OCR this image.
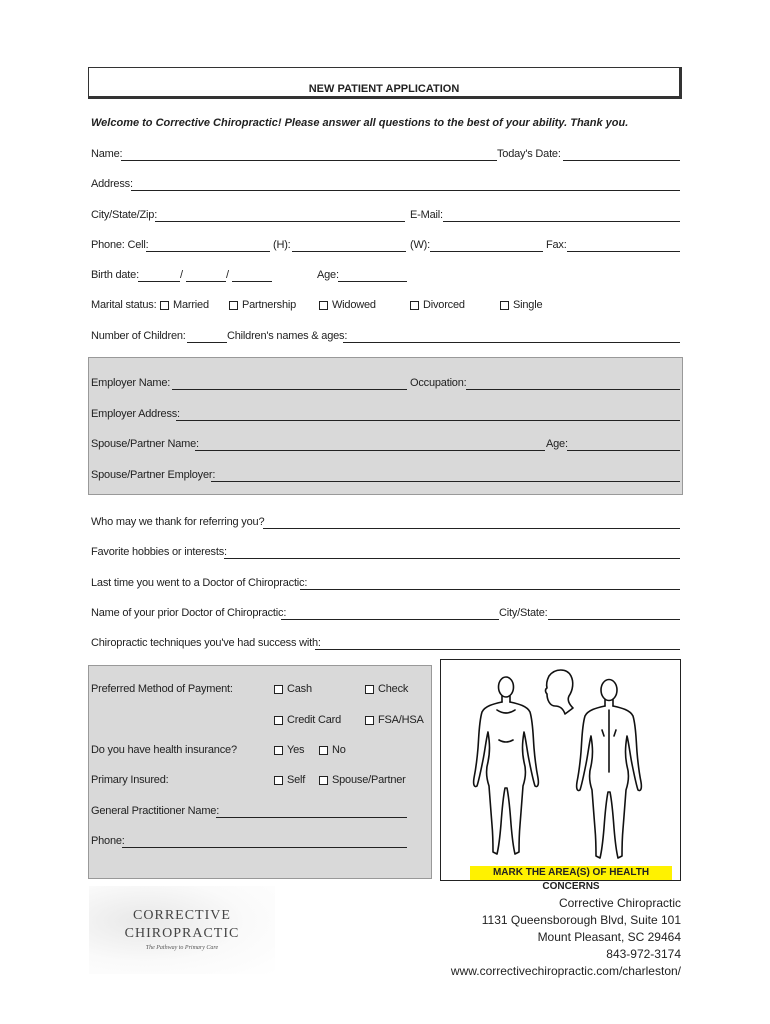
NEW PATIENT APPLICATION
Welcome to Corrective Chiropractic! Please answer all questions to the best of your ability. Thank you.
Name:	Today's Date:
Address:
City/State/Zip:	E-Mail:
Phone: Cell:	(H):	(W):	Fax:
Birth date:	/	/	Age:
Marital status: Married	Partnership	Widowed	Divorced	Single
Number of Children:	Children's names & ages:
Employer Name:	Occupation:
Employer Address:
Spouse/Partner Name:	Age:
Spouse/Partner Employer:
Who may we thank for referring you?
Favorite hobbies or interests:
Last time you went to a Doctor of Chiropractic:
Name of your prior Doctor of Chiropractic:	City/State:
Chiropractic techniques you've had success with:
Preferred Method of Payment:	Cash	Check
Credit Card	FSA/HSA
Do you have health insurance?	Yes	No
Primary Insured:	Self Spouse/Partner
General Practitioner Name:
Phone:
MARK THE AREA(S) OF HEALTH CONCERNS
CORRECTIVE
CHIROPRACTIC
The Pathway to Primary Care
Corrective Chiropractic
1131 Queensborough Blvd, Suite 101
Mount Pleasant, SC 29464
843-972-3174
www.correctivechiropractic.com/charleston/
